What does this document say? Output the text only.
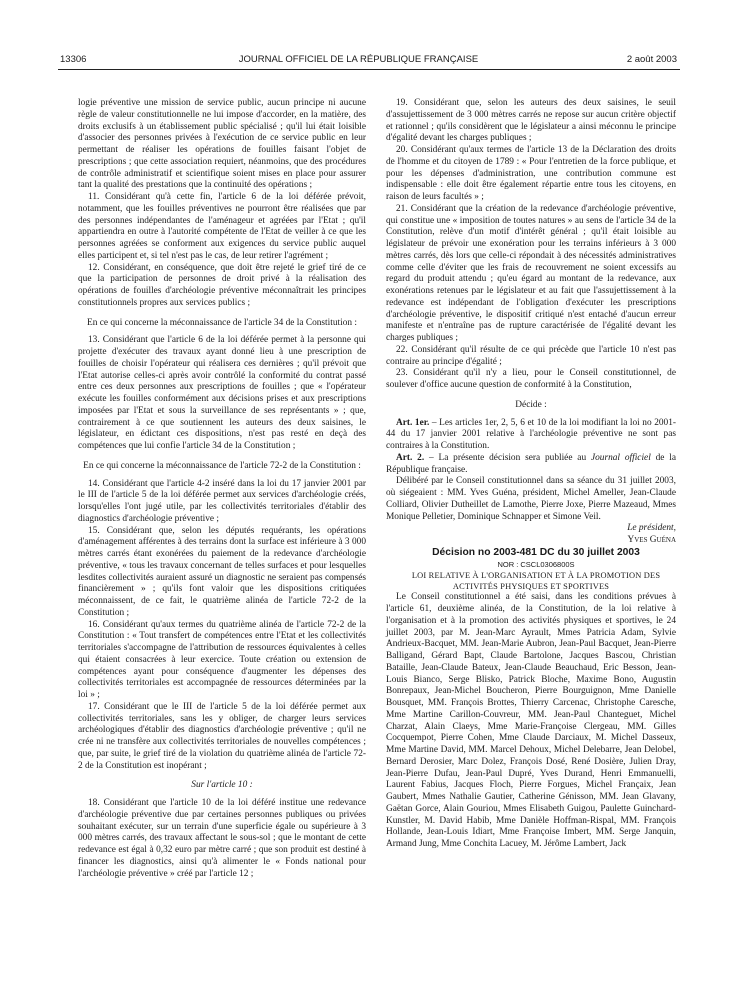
13306	JOURNAL OFFICIEL DE LA RÉPUBLIQUE FRANÇAISE	2 août 2003

logie préventive une mission de service public, aucun principe ni aucune règle de valeur constitutionnelle ne lui impose d'accorder, en la matière, des droits exclusifs à un établissement public spécialisé ; qu'il lui était loisible d'associer des personnes privées à l'exécution de ce service public en leur permettant de réaliser les opérations de fouilles faisant l'objet de prescriptions ; que cette association requiert, néanmoins, que des procédures de contrôle administratif et scientifique soient mises en place pour assurer tant la qualité des prestations que la continuité des opérations ;

11. Considérant qu'à cette fin, l'article 6 de la loi déférée prévoit, notamment, que les fouilles préventives ne pourront être réalisées que par des personnes indépendantes de l'aménageur et agréées par l'Etat ; qu'il appartiendra en outre à l'autorité compétente de l'Etat de veiller à ce que les personnes agréées se conforment aux exigences du service public auquel elles participent et, si tel n'est pas le cas, de leur retirer l'agrément ;

12. Considérant, en conséquence, que doit être rejeté le grief tiré de ce que la participation de personnes de droit privé à la réalisation des opérations de fouilles d'archéologie préventive méconnaîtrait les principes constitutionnels propres aux services publics ;

En ce qui concerne la méconnaissance de l'article 34 de la Constitution :

13. Considérant que l'article 6 de la loi déférée permet à la personne qui projette d'exécuter des travaux ayant donné lieu à une prescription de fouilles de choisir l'opérateur qui réalisera ces dernières ; qu'il prévoit que l'Etat autorise celles-ci après avoir contrôlé la conformité du contrat passé entre ces deux personnes aux prescriptions de fouilles ; que « l'opérateur exécute les fouilles conformément aux décisions prises et aux prescriptions imposées par l'Etat et sous la surveillance de ses représentants » ; que, contrairement à ce que soutiennent les auteurs des deux saisines, le législateur, en édictant ces dispositions, n'est pas resté en deçà des compétences que lui confie l'article 34 de la Constitution ;

En ce qui concerne la méconnaissance de l'article 72-2 de la Constitution :

14. Considérant que l'article 4-2 inséré dans la loi du 17 janvier 2001 par le III de l'article 5 de la loi déférée permet aux services d'archéologie créés, lorsqu'elles l'ont jugé utile, par les collectivités territoriales d'établir des diagnostics d'archéologie préventive ;

15. Considérant que, selon les députés requérants, les opérations d'aménagement afférentes à des terrains dont la surface est inférieure à 3 000 mètres carrés étant exonérées du paiement de la redevance d'archéologie préventive, « tous les travaux concernant de telles surfaces et pour lesquelles lesdites collectivités auraient assuré un diagnostic ne seraient pas compensés financièrement » ; qu'ils font valoir que les dispositions critiquées méconnaissent, de ce fait, le quatrième alinéa de l'article 72-2 de la Constitution ;

16. Considérant qu'aux termes du quatrième alinéa de l'article 72-2 de la Constitution : « Tout transfert de compétences entre l'Etat et les collectivités territoriales s'accompagne de l'attribution de ressources équivalentes à celles qui étaient consacrées à leur exercice. Toute création ou extension de compétences ayant pour conséquence d'augmenter les dépenses des collectivités territoriales est accompagnée de ressources déterminées par la loi » ;

17. Considérant que le III de l'article 5 de la loi déférée permet aux collectivités territoriales, sans les y obliger, de charger leurs services archéologiques d'établir des diagnostics d'archéologie préventive ; qu'il ne crée ni ne transfère aux collectivités territoriales de nouvelles compétences ; que, par suite, le grief tiré de la violation du quatrième alinéa de l'article 72-2 de la Constitution est inopérant ;

Sur l'article 10 :

18. Considérant que l'article 10 de la loi déféré institue une redevance d'archéologie préventive due par certaines personnes publiques ou privées souhaitant exécuter, sur un terrain d'une superficie égale ou supérieure à 3 000 mètres carrés, des travaux affectant le sous-sol ; que le montant de cette redevance est égal à 0,32 euro par mètre carré ; que son produit est destiné à financer les diagnostics, ainsi qu'à alimenter le « Fonds national pour l'archéologie préventive » créé par l'article 12 ;

19. Considérant que, selon les auteurs des deux saisines, le seuil d'assujettissement de 3 000 mètres carrés ne repose sur aucun critère objectif et rationnel ; qu'ils considèrent que le législateur a ainsi méconnu le principe d'égalité devant les charges publiques ;

20. Considérant qu'aux termes de l'article 13 de la Déclaration des droits de l'homme et du citoyen de 1789 : « Pour l'entretien de la force publique, et pour les dépenses d'administration, une contribution commune est indispensable : elle doit être également répartie entre tous les citoyens, en raison de leurs facultés » ;

21. Considérant que la création de la redevance d'archéologie préventive, qui constitue une « imposition de toutes natures » au sens de l'article 34 de la Constitution, relève d'un motif d'intérêt général ; qu'il était loisible au législateur de prévoir une exonération pour les terrains inférieurs à 3 000 mètres carrés, dès lors que celle-ci répondait à des nécessités administratives comme celle d'éviter que les frais de recouvrement ne soient excessifs au regard du produit attendu ; qu'eu égard au montant de la redevance, aux exonérations retenues par le législateur et au fait que l'assujettissement à la redevance est indépendant de l'obligation d'exécuter les prescriptions d'archéologie préventive, le dispositif critiqué n'est entaché d'aucun erreur manifeste et n'entraîne pas de rupture caractérisée de l'égalité devant les charges publiques ;

22. Considérant qu'il résulte de ce qui précède que l'article 10 n'est pas contraire au principe d'égalité ;

23. Considérant qu'il n'y a lieu, pour le Conseil constitutionnel, de soulever d'office aucune question de conformité à la Constitution,

Décide :

Art. 1er. – Les articles 1er, 2, 5, 6 et 10 de la loi modifiant la loi no 2001-44 du 17 janvier 2001 relative à l'archéologie préventive ne sont pas contraires à la Constitution.

Art. 2. – La présente décision sera publiée au Journal officiel de la République française.

Délibéré par le Conseil constitutionnel dans sa séance du 31 juillet 2003, où siégeaient : MM. Yves Guéna, président, Michel Ameller, Jean-Claude Colliard, Olivier Dutheillet de Lamothe, Pierre Joxe, Pierre Mazeaud, Mmes Monique Pelletier, Dominique Schnapper et Simone Veil.

Le président,

Yves Guéna

Décision no 2003-481 DC du 30 juillet 2003

NOR : CSCL0306800S

LOI RELATIVE À L'ORGANISATION ET À LA PROMOTION DES ACTIVITÉS PHYSIQUES ET SPORTIVES

Le Conseil constitutionnel a été saisi, dans les conditions prévues à l'article 61, deuxième alinéa, de la Constitution, de la loi relative à l'organisation et à la promotion des activités physiques et sportives, le 24 juillet 2003, par M. Jean-Marc Ayrault, Mmes Patricia Adam, Sylvie Andrieux-Bacquet, MM. Jean-Marie Aubron, Jean-Paul Bacquet, Jean-Pierre Balligand, Gérard Bapt, Claude Bartolone, Jacques Bascou, Christian Bataille, Jean-Claude Bateux, Jean-Claude Beauchaud, Eric Besson, Jean-Louis Bianco, Serge Blisko, Patrick Bloche, Maxime Bono, Augustin Bonrepaux, Jean-Michel Boucheron, Pierre Bourguignon, Mme Danielle Bousquet, MM. François Brottes, Thierry Carcenac, Christophe Caresche, Mme Martine Carillon-Couvreur, MM. Jean-Paul Chanteguet, Michel Charzat, Alain Claeys, Mme Marie-Françoise Clergeau, MM. Gilles Cocquempot, Pierre Cohen, Mme Claude Darciaux, M. Michel Dasseux, Mme Martine David, MM. Marcel Dehoux, Michel Delebarre, Jean Delobel, Bernard Derosier, Marc Dolez, François Dosé, René Dosière, Julien Dray, Jean-Pierre Dufau, Jean-Paul Dupré, Yves Durand, Henri Emmanuelli, Laurent Fabius, Jacques Floch, Pierre Forgues, Michel Françaix, Jean Gaubert, Mmes Nathalie Gautier, Catherine Génisson, MM. Jean Glavany, Gaëtan Gorce, Alain Gouriou, Mmes Elisabeth Guigou, Paulette Guinchard-Kunstler, M. David Habib, Mme Danièle Hoffman-Rispal, MM. François Hollande, Jean-Louis Idiart, Mme Françoise Imbert, MM. Serge Janquin, Armand Jung, Mme Conchita Lacuey, M. Jérôme Lambert, Jack
